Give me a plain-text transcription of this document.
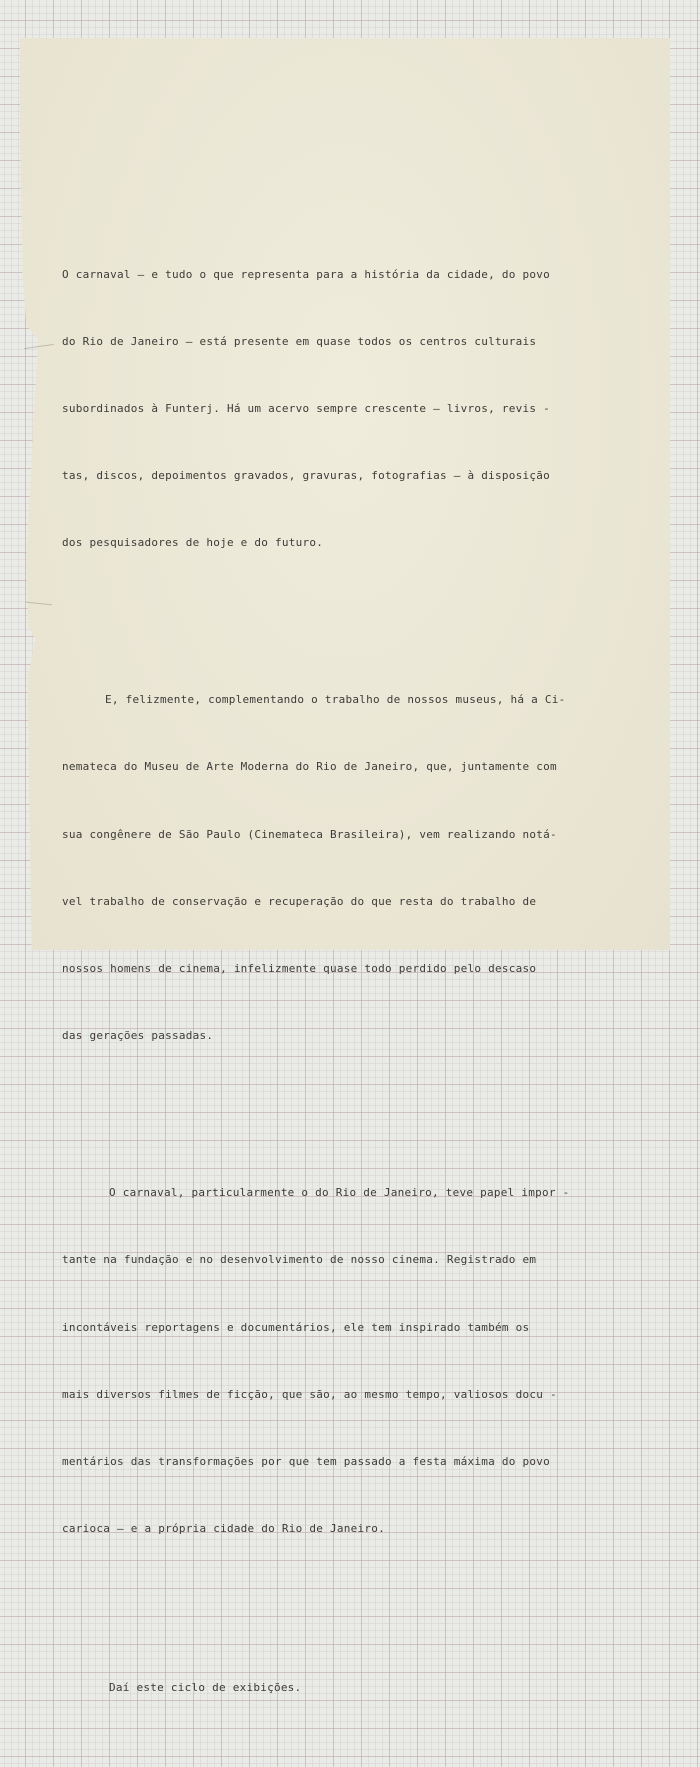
O carnaval — e tudo o que representa para a história da cidade, do povo

do Rio de Janeiro — está presente em quase todos os centros culturais

subordinados à Funterj. Há um acervo sempre crescente — livros, revis -

tas, discos, depoimentos gravados, gravuras, fotografias — à disposição

dos pesquisadores de hoje e do futuro.

E, felizmente, complementando o trabalho de nossos museus, há a Ci-

nemateca do Museu de Arte Moderna do Rio de Janeiro, que, juntamente com

sua congênere de São Paulo (Cinemateca Brasileira), vem realizando notá-

vel trabalho de conservação e recuperação do que resta do trabalho de

nossos homens de cinema, infelizmente quase todo perdido pelo descaso

das gerações passadas.

O carnaval, particularmente o do Rio de Janeiro, teve papel impor -

tante na fundação e no desenvolvimento de nosso cinema. Registrado em

incontáveis reportagens e documentários, ele tem inspirado também os

mais diversos filmes de ficção, que são, ao mesmo tempo, valiosos docu -

mentários das transformações por que tem passado a festa máxima do povo

carioca — e a própria cidade do Rio de Janeiro.

Daí este ciclo de exibições.
